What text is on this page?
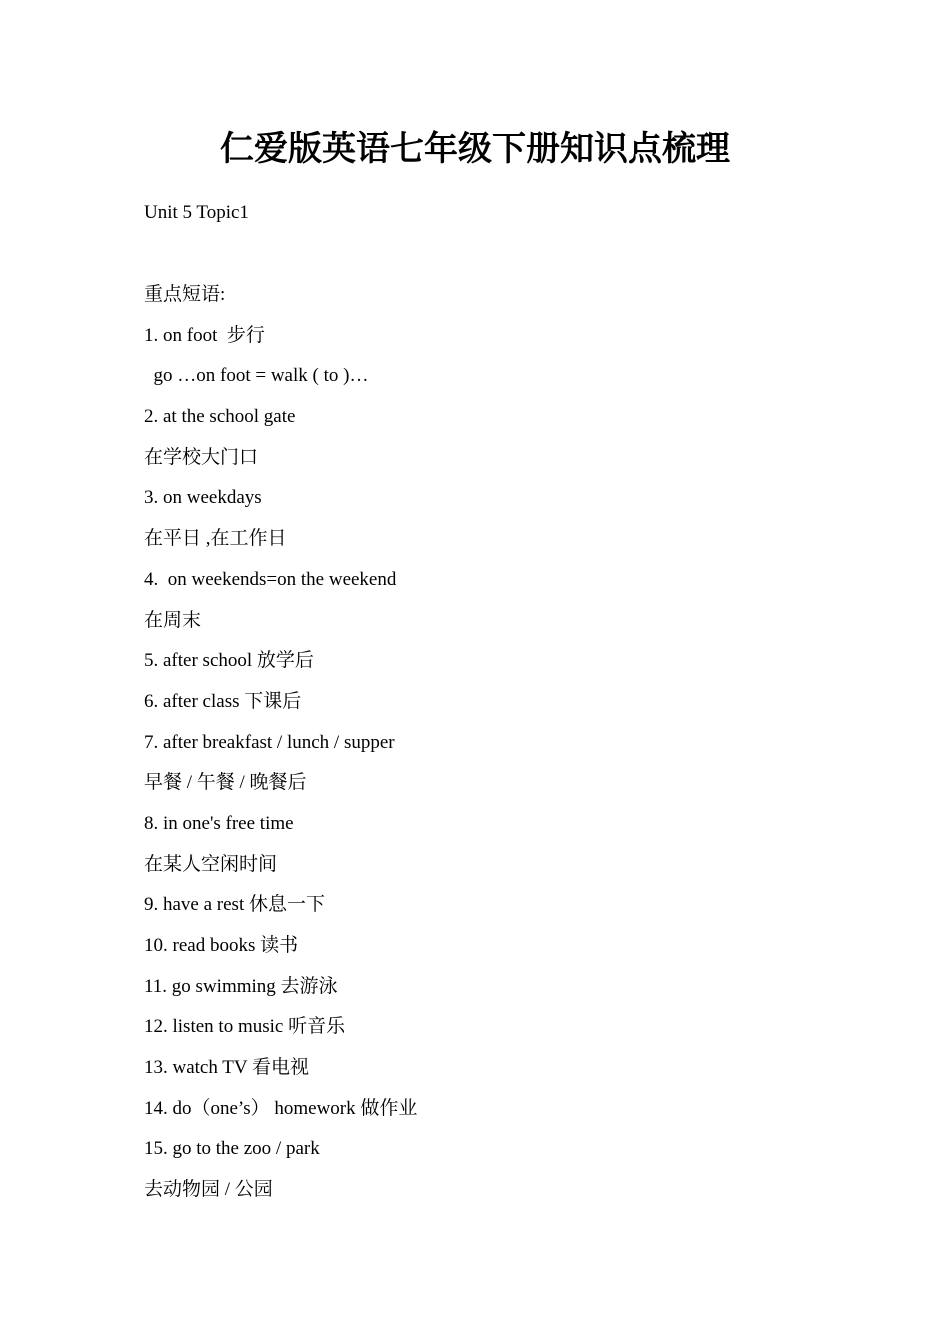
仁爱版英语七年级下册知识点梳理

Unit 5 Topic1

重点短语:
1. on foot  步行
go …on foot = walk ( to )…
2. at the school gate
在学校大门口
3. on weekdays
在平日 ,在工作日
4.  on weekends=on the weekend
在周末
5. after school 放学后
6. after class 下课后
7. after breakfast / lunch / supper
早餐 / 午餐 / 晚餐后
8. in one's free time
在某人空闲时间
9. have a rest 休息一下
10. read books 读书
11. go swimming 去游泳
12. listen to music 听音乐
13. watch TV 看电视
14. do（one’s） homework 做作业
15. go to the zoo / park
去动物园 / 公园
